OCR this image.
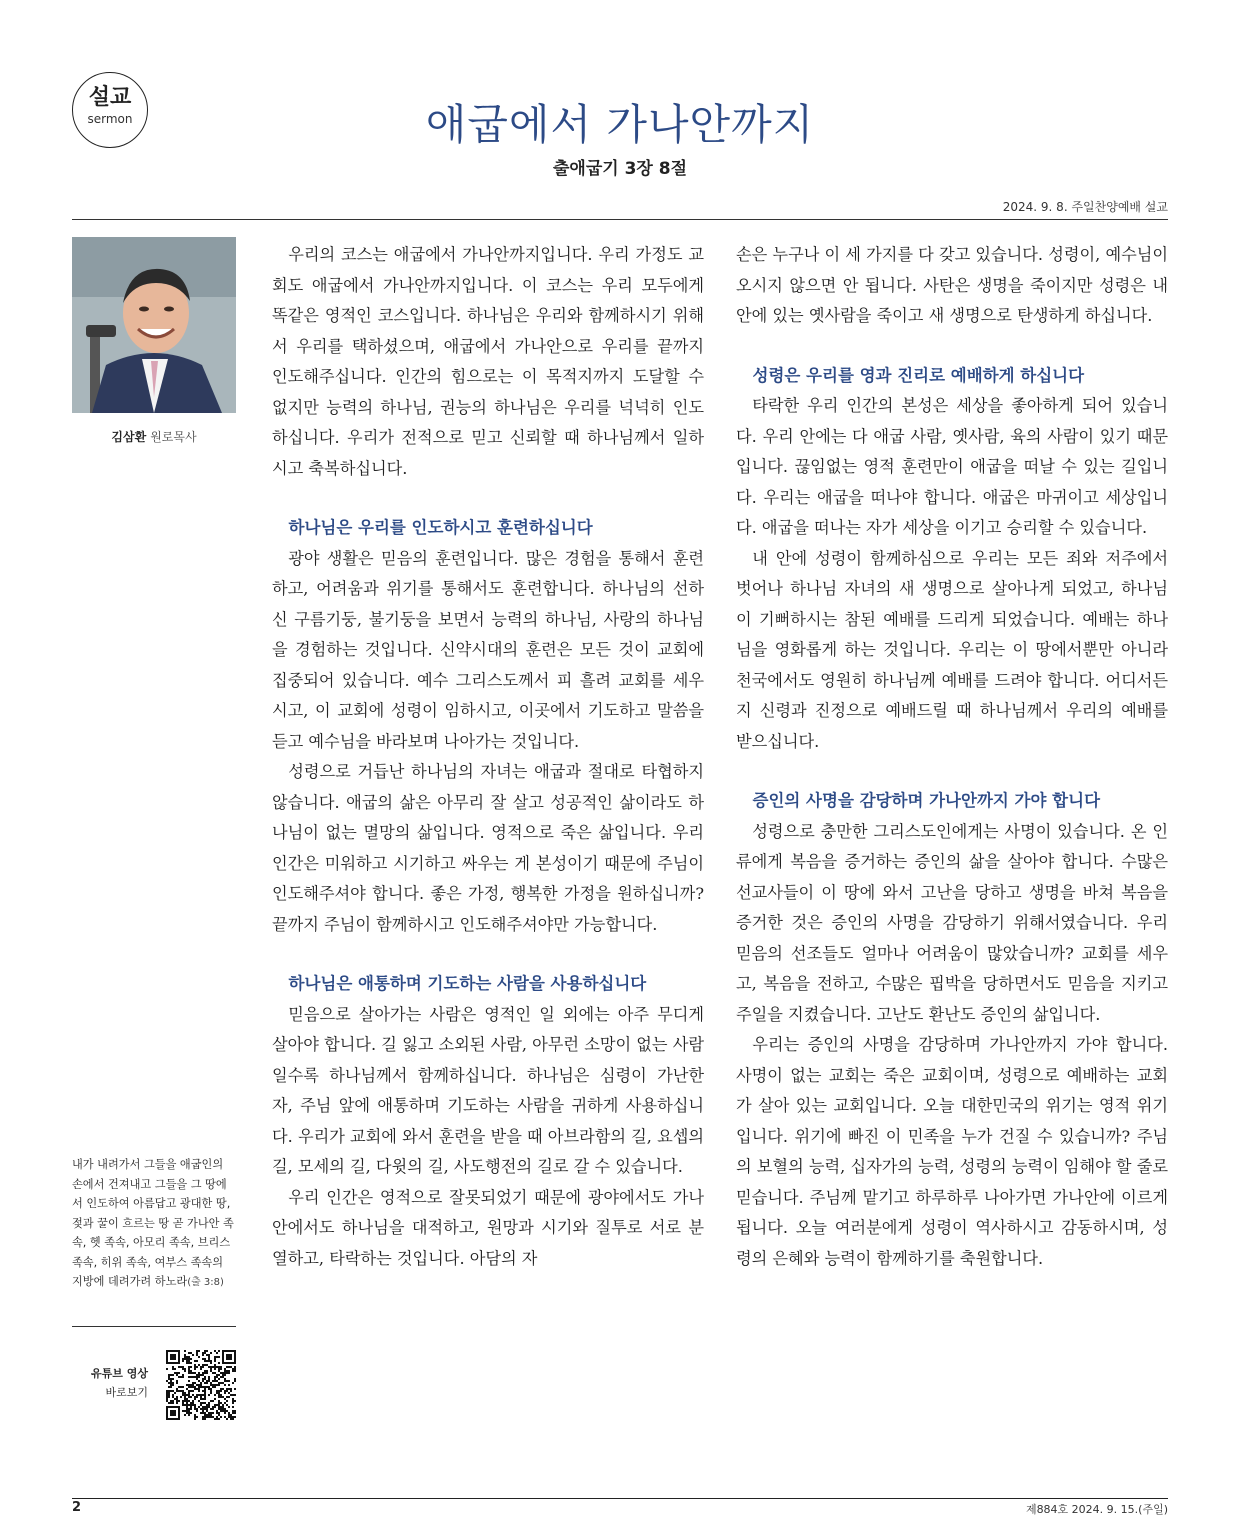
설교
sermon	애굽에서 가나안까지
출애굽기 3장 8절
2024. 9. 8. 주일찬양예배 설교
김삼환 원로목사
내가 내려가서 그들을 애굽인의 손에서 건져내고 그들을 그 땅에서 인도하여 아름답고 광대한 땅, 젖과 꿀이 흐르는 땅 곧 가나안 족속, 헷 족속, 아모리 족속, 브리스 족속, 히위 족속, 여부스 족속의 지방에 데려가려 하노라(출 3:8)
유튜브 영상
바로보기

우리의 코스는 애굽에서 가나안까지입니다. 우리 가정도 교회도 애굽에서 가나안까지입니다. 이 코스는 우리 모두에게 똑같은 영적인 코스입니다. 하나님은 우리와 함께하시기 위해서 우리를 택하셨으며, 애굽에서 가나안으로 우리를 끝까지 인도해주십니다. 인간의 힘으로는 이 목적지까지 도달할 수 없지만 능력의 하나님, 권능의 하나님은 우리를 넉넉히 인도하십니다. 우리가 전적으로 믿고 신뢰할 때 하나님께서 일하시고 축복하십니다.

하나님은 우리를 인도하시고 훈련하십니다

광야 생활은 믿음의 훈련입니다. 많은 경험을 통해서 훈련하고, 어려움과 위기를 통해서도 훈련합니다. 하나님의 선하신 구름기둥, 불기둥을 보면서 능력의 하나님, 사랑의 하나님을 경험하는 것입니다. 신약시대의 훈련은 모든 것이 교회에 집중되어 있습니다. 예수 그리스도께서 피 흘려 교회를 세우시고, 이 교회에 성령이 임하시고, 이곳에서 기도하고 말씀을 듣고 예수님을 바라보며 나아가는 것입니다.

성령으로 거듭난 하나님의 자녀는 애굽과 절대로 타협하지 않습니다. 애굽의 삶은 아무리 잘 살고 성공적인 삶이라도 하나님이 없는 멸망의 삶입니다. 영적으로 죽은 삶입니다. 우리 인간은 미워하고 시기하고 싸우는 게 본성이기 때문에 주님이 인도해주셔야 합니다. 좋은 가정, 행복한 가정을 원하십니까? 끝까지 주님이 함께하시고 인도해주셔야만 가능합니다.

하나님은 애통하며 기도하는 사람을 사용하십니다

믿음으로 살아가는 사람은 영적인 일 외에는 아주 무디게 살아야 합니다. 길 잃고 소외된 사람, 아무런 소망이 없는 사람일수록 하나님께서 함께하십니다. 하나님은 심령이 가난한 자, 주님 앞에 애통하며 기도하는 사람을 귀하게 사용하십니다. 우리가 교회에 와서 훈련을 받을 때 아브라함의 길, 요셉의 길, 모세의 길, 다윗의 길, 사도행전의 길로 갈 수 있습니다.

우리 인간은 영적으로 잘못되었기 때문에 광야에서도 가나안에서도 하나님을 대적하고, 원망과 시기와 질투로 서로 분열하고, 타락하는 것입니다. 아담의 자

손은 누구나 이 세 가지를 다 갖고 있습니다. 성령이, 예수님이 오시지 않으면 안 됩니다. 사탄은 생명을 죽이지만 성령은 내 안에 있는 옛사람을 죽이고 새 생명으로 탄생하게 하십니다.

성령은 우리를 영과 진리로 예배하게 하십니다

타락한 우리 인간의 본성은 세상을 좋아하게 되어 있습니다. 우리 안에는 다 애굽 사람, 옛사람, 육의 사람이 있기 때문입니다. 끊임없는 영적 훈련만이 애굽을 떠날 수 있는 길입니다. 우리는 애굽을 떠나야 합니다. 애굽은 마귀이고 세상입니다. 애굽을 떠나는 자가 세상을 이기고 승리할 수 있습니다.

내 안에 성령이 함께하심으로 우리는 모든 죄와 저주에서 벗어나 하나님 자녀의 새 생명으로 살아나게 되었고, 하나님이 기뻐하시는 참된 예배를 드리게 되었습니다. 예배는 하나님을 영화롭게 하는 것입니다. 우리는 이 땅에서뿐만 아니라 천국에서도 영원히 하나님께 예배를 드려야 합니다. 어디서든지 신령과 진정으로 예배드릴 때 하나님께서 우리의 예배를 받으십니다.

증인의 사명을 감당하며 가나안까지 가야 합니다

성령으로 충만한 그리스도인에게는 사명이 있습니다. 온 인류에게 복음을 증거하는 증인의 삶을 살아야 합니다. 수많은 선교사들이 이 땅에 와서 고난을 당하고 생명을 바쳐 복음을 증거한 것은 증인의 사명을 감당하기 위해서였습니다. 우리 믿음의 선조들도 얼마나 어려움이 많았습니까? 교회를 세우고, 복음을 전하고, 수많은 핍박을 당하면서도 믿음을 지키고 주일을 지켰습니다. 고난도 환난도 증인의 삶입니다.

우리는 증인의 사명을 감당하며 가나안까지 가야 합니다. 사명이 없는 교회는 죽은 교회이며, 성령으로 예배하는 교회가 살아 있는 교회입니다. 오늘 대한민국의 위기는 영적 위기입니다. 위기에 빠진 이 민족을 누가 건질 수 있습니까? 주님의 보혈의 능력, 십자가의 능력, 성령의 능력이 임해야 할 줄로 믿습니다. 주님께 맡기고 하루하루 나아가면 가나안에 이르게 됩니다. 오늘 여러분에게 성령이 역사하시고 감동하시며, 성령의 은혜와 능력이 함께하기를 축원합니다.

2	제884호 2024. 9. 15.(주일)
